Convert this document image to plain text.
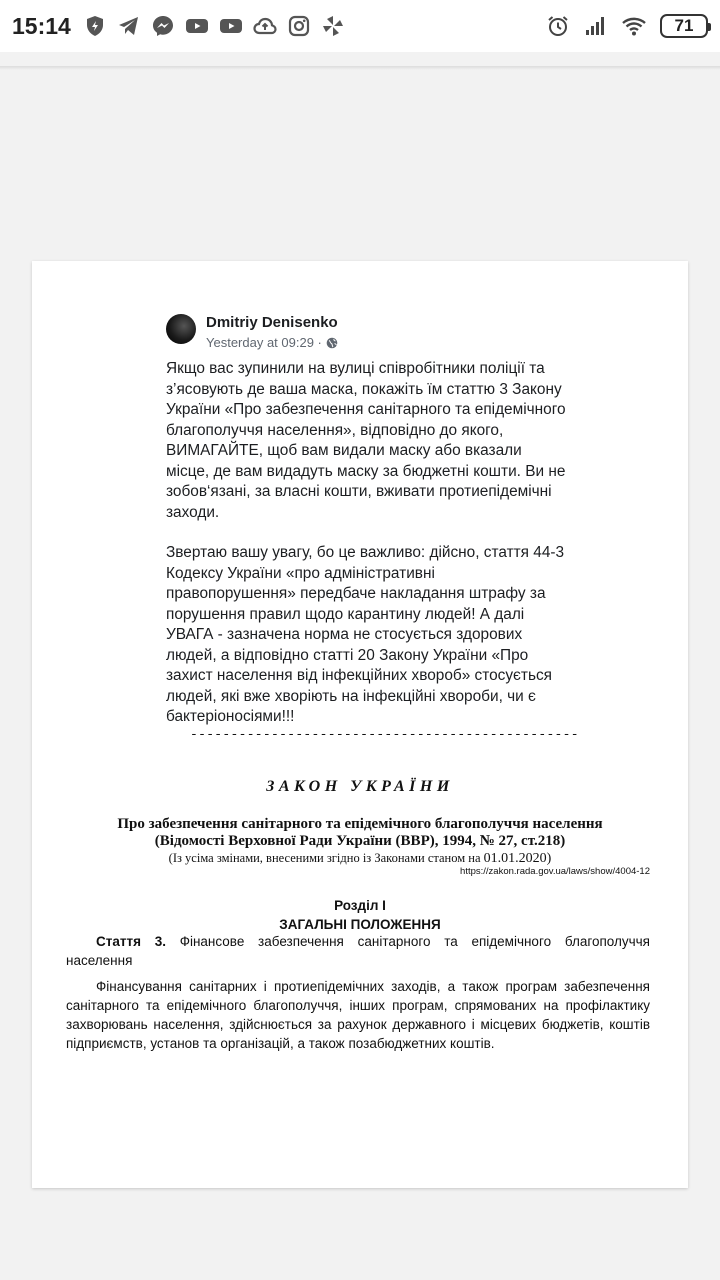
15:14	71
Dmitriy Denisenko
Yesterday at 09:29 ·

Якщо вас зупинили на вулиці співробітники поліції та з’ясовують де ваша маска, покажіть їм статтю 3 Закону України «Про забезпечення санітарного та епідемічного благополуччя населення», відповідно до якого, ВИМАГАЙТЕ, щоб вам видали маску або вказали місце, де вам видадуть маску за бюджетні кошти. Ви не зобов‘язані, за власні кошти, вживати протиепідемічні заходи.

Звертаю вашу увагу, бо це важливо: дійсно, стаття 44-3 Кодексу України «про адміністративні правопорушення» передбаче накладання штрафу за порушення правил щодо карантину людей! А далі УВАГА - зазначена норма не стосується здорових людей, а відповідно статті 20 Закону України «Про захист населення від інфекційних хвороб» стосується людей, які вже хворіють на інфекційні хвороби, чи є бактеріоносіями!!!

------------------------------------------------
ЗАКОН УКРАЇНИ
Про забезпечення санітарного та епідемічного благополуччя населення
(Відомості Верховної Ради України (ВВР), 1994, № 27, ст.218)
(Із усіма змінами, внесеними згідно із Законами станом на 01.01.2020)
https://zakon.rada.gov.ua/laws/show/4004-12
Розділ I
ЗАГАЛЬНІ ПОЛОЖЕННЯ
Стаття 3. Фінансове забезпечення санітарного та епідемічного благополуччя населення
Фінансування санітарних і протиепідемічних заходів, а також програм забезпечення санітарного та епідемічного благополуччя, інших програм, спрямованих на профілактику захворювань населення, здійснюється за рахунок державного і місцевих бюджетів, коштів підприємств, установ та організацій, а також позабюджетних коштів.
